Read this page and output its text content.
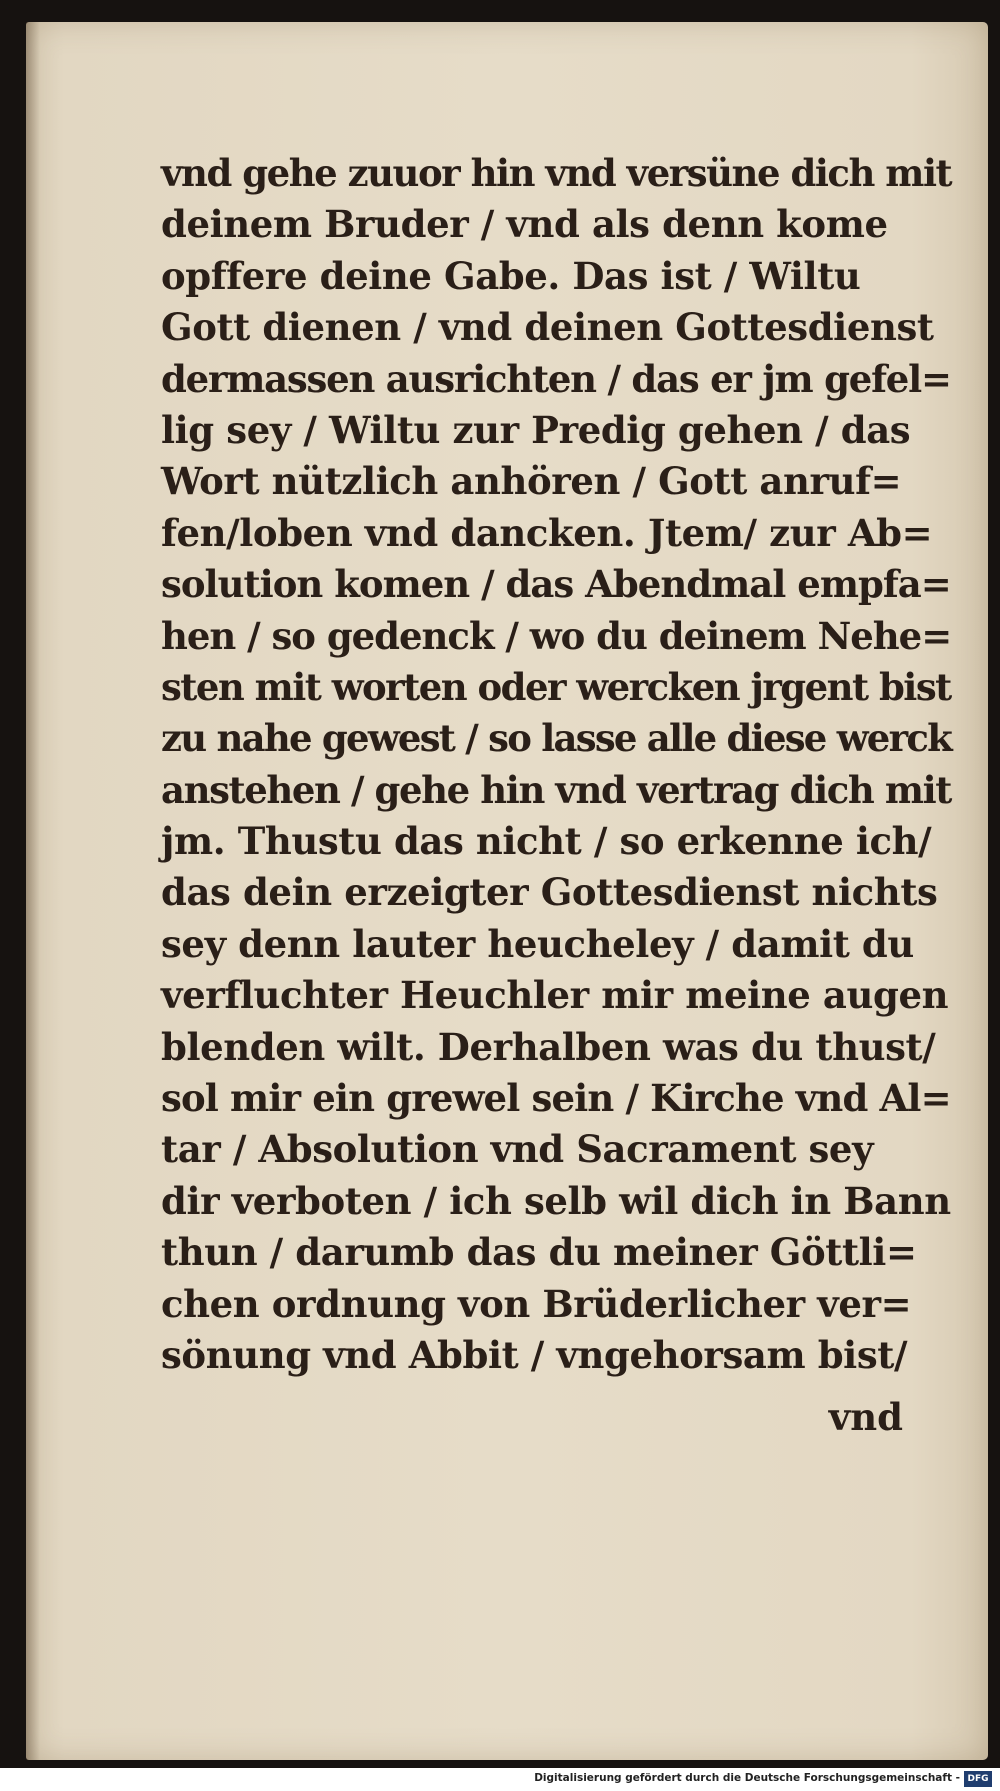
vnd gehe zuuor hin vnd versüne dich mit
deinem Bruder / vnd als denn kome
opffere deine Gabe. Das ist / Wiltu
Gott dienen / vnd deinen Gottesdienst
dermassen ausrichten / das er jm gefel=
lig sey / Wiltu zur Predig gehen / das
Wort nützlich anhören / Gott anruf=
fen/loben vnd dancken. Jtem/ zur Ab=
solution komen / das Abendmal empfa=
hen / so gedenck / wo du deinem Nehe=
sten mit worten oder wercken jrgent bist
zu nahe gewest / so lasse alle diese werck
anstehen / gehe hin vnd vertrag dich mit
jm. Thustu das nicht / so erkenne ich/
das dein erzeigter Gottesdienst nichts
sey denn lauter heucheley / damit du
verfluchter Heuchler mir meine augen
blenden wilt. Derhalben was du thust/
sol mir ein grewel sein / Kirche vnd Al=
tar / Absolution vnd Sacrament sey
dir verboten / ich selb wil dich in Bann
thun / darumb das du meiner Göttli=
chen ordnung von Brüderlicher ver=
sönung vnd Abbit / vngehorsam bist/
vnd
Digitalisierung gefördert durch die Deutsche Forschungsgemeinschaft - DFG
